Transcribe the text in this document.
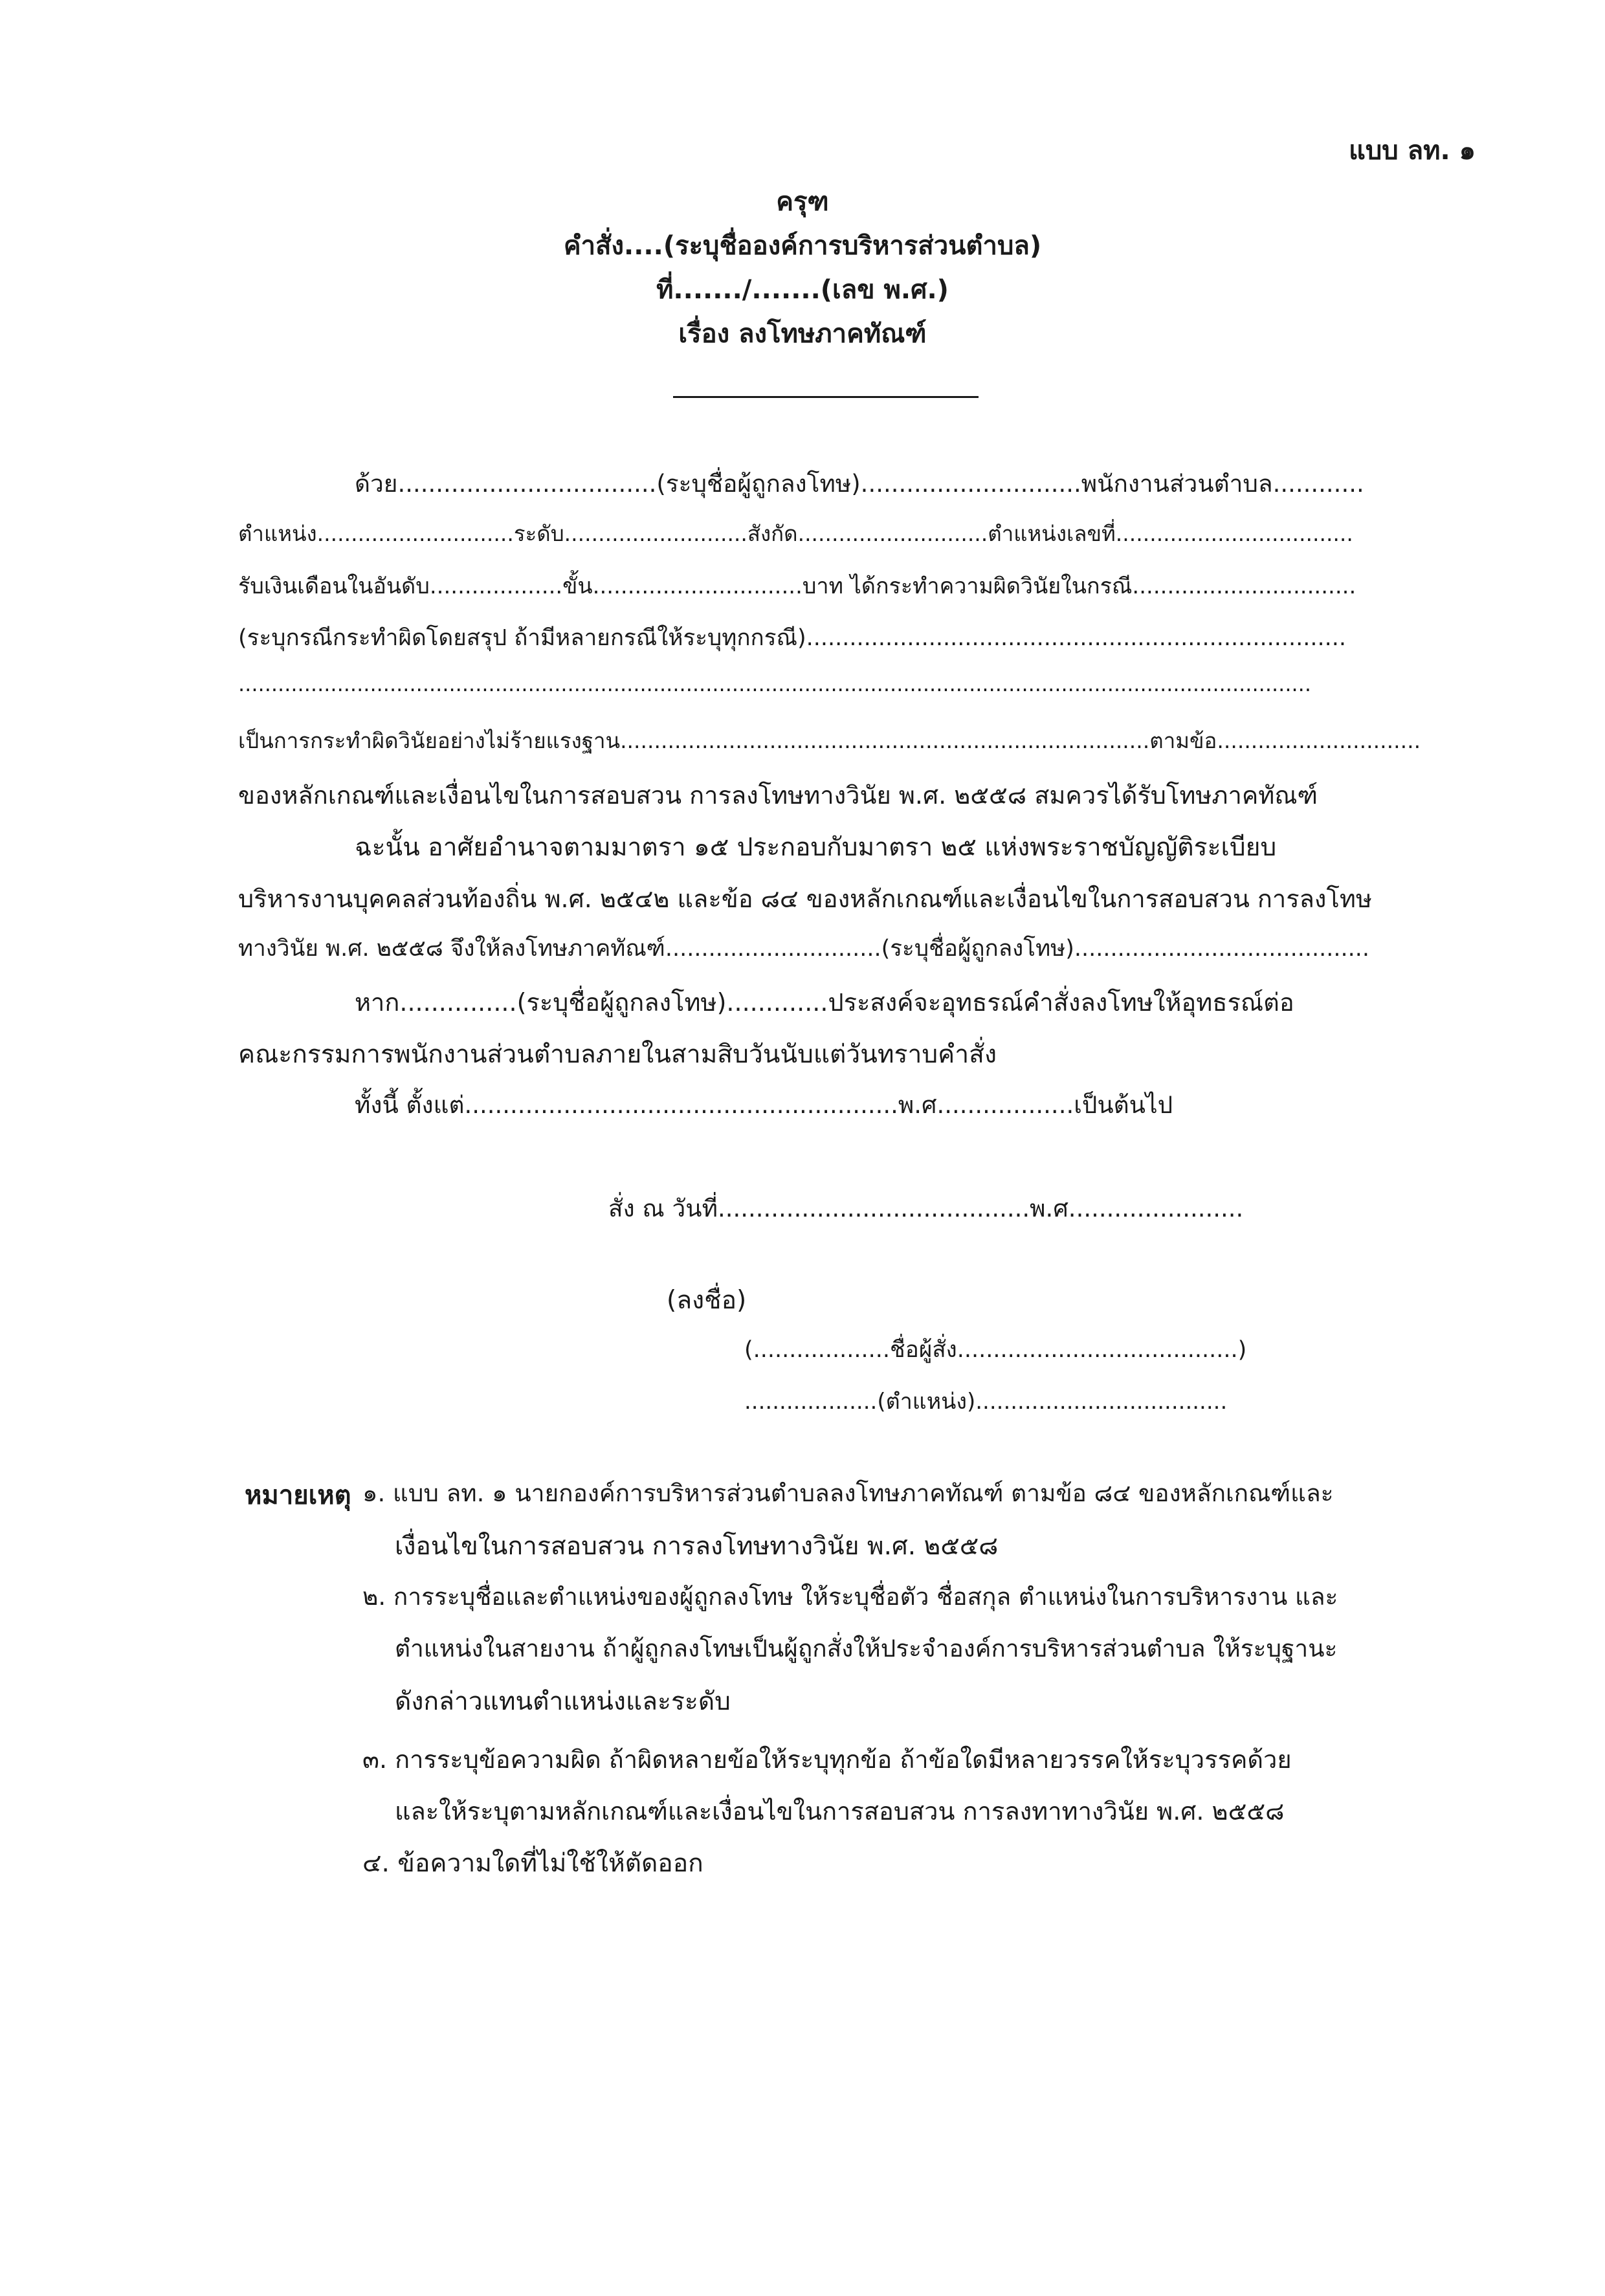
แบบ ลท. ๑
ครุฑ
คำสั่ง....(ระบุชื่อองค์การบริหารส่วนตำบล)
ที่......./.......(เลข พ.ศ.)
เรื่อง ลงโทษภาคทัณฑ์
ด้วย..................................(ระบุชื่อผู้ถูกลงโทษ).............................พนักงานส่วนตำบล............
ตำแหน่ง.............................ระดับ...........................สังกัด............................ตำแหน่งเลขที่...................................
รับเงินเดือนในอันดับ...................ขั้น..............................บาท ได้กระทำความผิดวินัยในกรณี................................
(ระบุกรณีกระทำผิดโดยสรุป ถ้ามีหลายกรณีให้ระบุทุกกรณี)...........................................................................
...................................................................................................................................................................
เป็นการกระทำผิดวินัยอย่างไม่ร้ายแรงฐาน..............................................................................ตามข้อ..............................
ของหลักเกณฑ์และเงื่อนไขในการสอบสวน การลงโทษทางวินัย พ.ศ. ๒๕๕๘ สมควรได้รับโทษภาคทัณฑ์
ฉะนั้น อาศัยอำนาจตามมาตรา ๑๕ ประกอบกับมาตรา ๒๕ แห่งพระราชบัญญัติระเบียบ
บริหารงานบุคคลส่วนท้องถิ่น พ.ศ. ๒๕๔๒ และข้อ ๘๔ ของหลักเกณฑ์และเงื่อนไขในการสอบสวน การลงโทษ
ทางวินัย พ.ศ. ๒๕๕๘ จึงให้ลงโทษภาคทัณฑ์..............................(ระบุชื่อผู้ถูกลงโทษ).........................................
หาก...............(ระบุชื่อผู้ถูกลงโทษ).............ประสงค์จะอุทธรณ์คำสั่งลงโทษให้อุทธรณ์ต่อ
คณะกรรมการพนักงานส่วนตำบลภายในสามสิบวันนับแต่วันทราบคำสั่ง
ทั้งนี้ ตั้งแต่.........................................................พ.ศ..................เป็นต้นไป
สั่ง ณ วันที่.........................................พ.ศ.......................
(ลงชื่อ)
(...................ชื่อผู้สั่ง.......................................)
...................(ตำแหน่ง)....................................
หมายเหตุ ๑. แบบ ลท. ๑ นายกองค์การบริหารส่วนตำบลลงโทษภาคทัณฑ์ ตามข้อ ๘๔ ของหลักเกณฑ์และ
เงื่อนไขในการสอบสวน การลงโทษทางวินัย พ.ศ. ๒๕๕๘
๒. การระบุชื่อและตำแหน่งของผู้ถูกลงโทษ ให้ระบุชื่อตัว ชื่อสกุล ตำแหน่งในการบริหารงาน และ
ตำแหน่งในสายงาน ถ้าผู้ถูกลงโทษเป็นผู้ถูกสั่งให้ประจำองค์การบริหารส่วนตำบล ให้ระบุฐานะ
ดังกล่าวแทนตำแหน่งและระดับ
๓. การระบุข้อความผิด ถ้าผิดหลายข้อให้ระบุทุกข้อ ถ้าข้อใดมีหลายวรรคให้ระบุวรรคด้วย
และให้ระบุตามหลักเกณฑ์และเงื่อนไขในการสอบสวน การลงทาทางวินัย พ.ศ. ๒๕๕๘
๔. ข้อความใดที่ไม่ใช้ให้ตัดออก
